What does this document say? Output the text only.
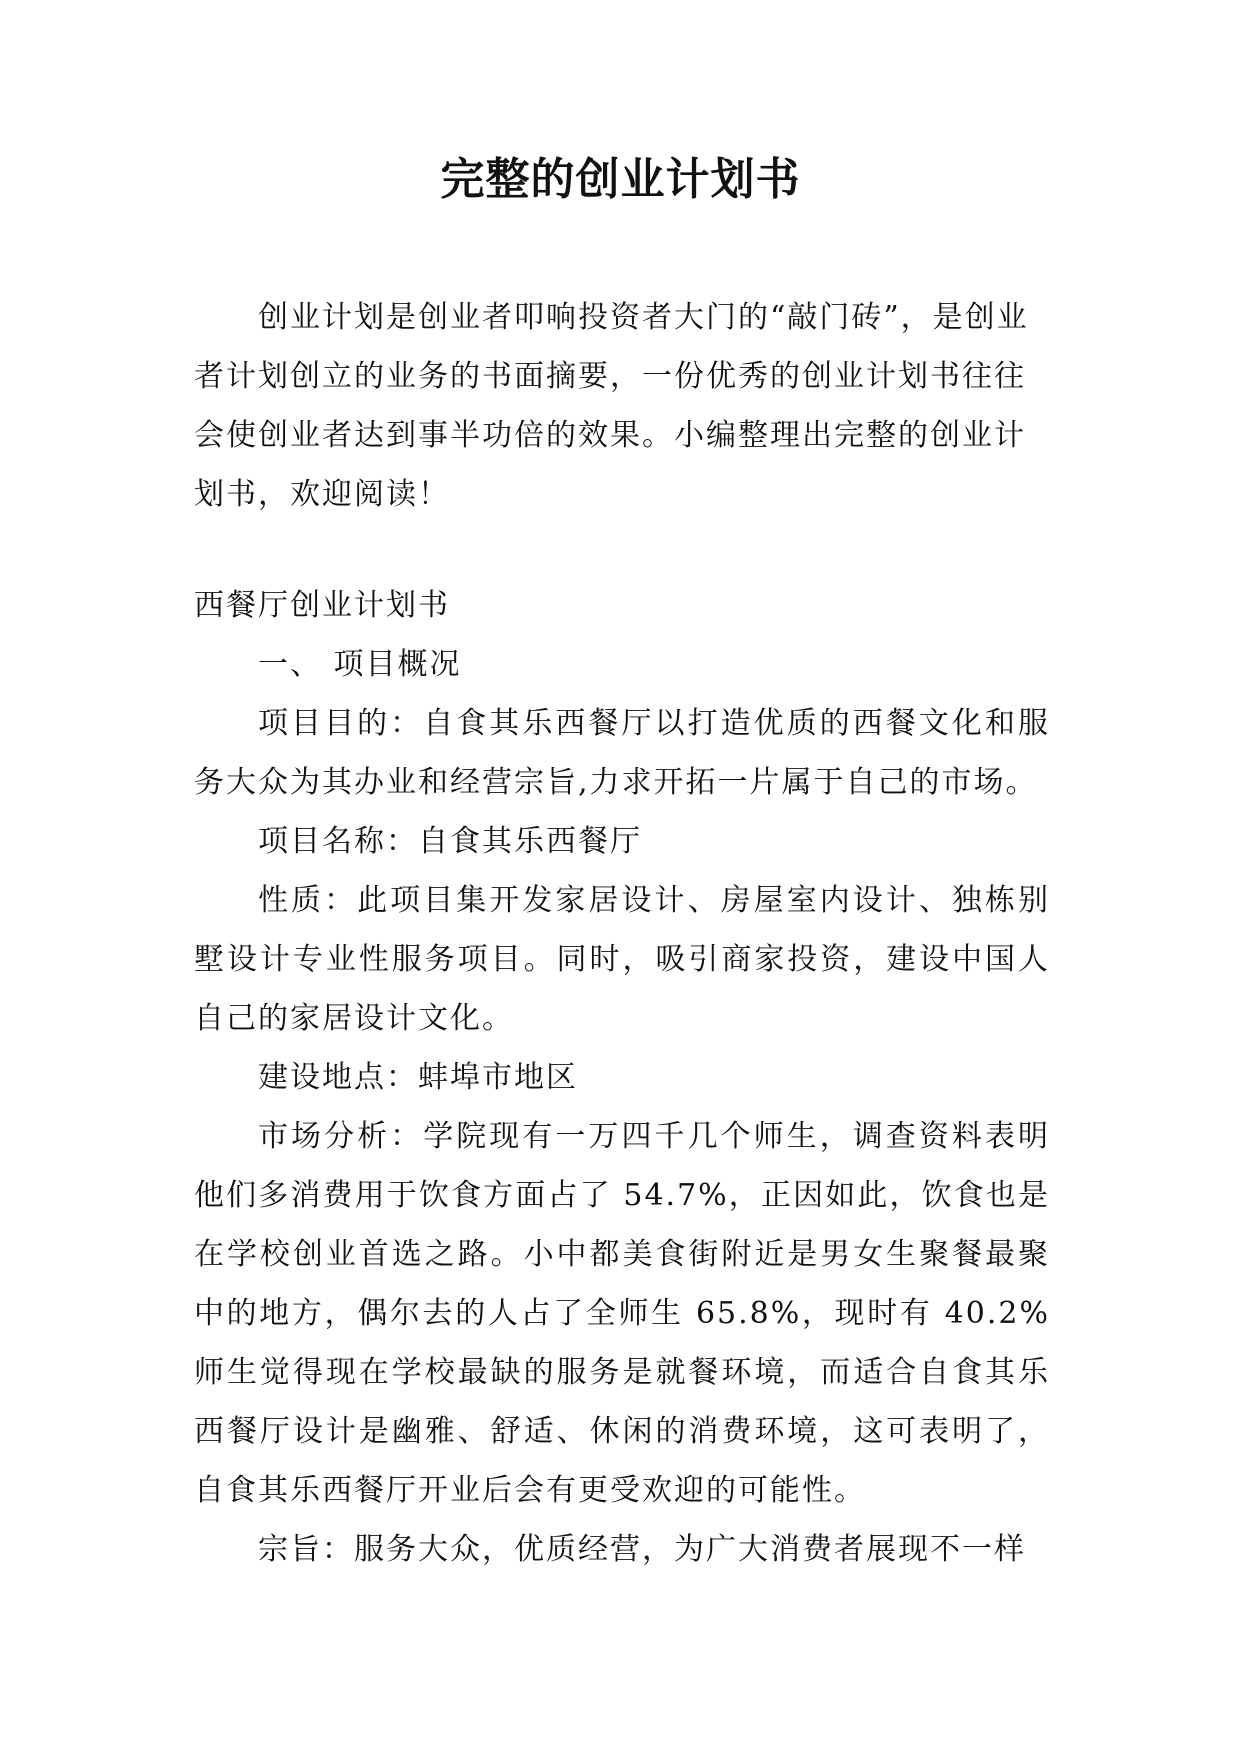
完整的创业计划书

创业计划是创业者叩响投资者大门的“敲门砖”，是创业者计划创立的业务的书面摘要，一份优秀的创业计划书往往会使创业者达到事半功倍的效果。小编整理出完整的创业计划书，欢迎阅读！

西餐厅创业计划书

一、 项目概况

项目目的：自食其乐西餐厅以打造优质的西餐文化和服务大众为其办业和经营宗旨,力求开拓一片属于自己的市场。

项目名称：自食其乐西餐厅

性质：此项目集开发家居设计、房屋室内设计、独栋别墅设计专业性服务项目。同时，吸引商家投资，建设中国人自己的家居设计文化。

建设地点：蚌埠市地区

市场分析：学院现有一万四千几个师生，调查资料表明他们多消费用于饮食方面占了 54.7%，正因如此，饮食也是在学校创业首选之路。小中都美食街附近是男女生聚餐最聚中的地方，偶尔去的人占了全师生 65.8%，现时有 40.2%师生觉得现在学校最缺的服务是就餐环境，而适合自食其乐西餐厅设计是幽雅、舒适、休闲的消费环境，这可表明了，自食其乐西餐厅开业后会有更受欢迎的可能性。

宗旨：服务大众，优质经营，为广大消费者展现不一样
